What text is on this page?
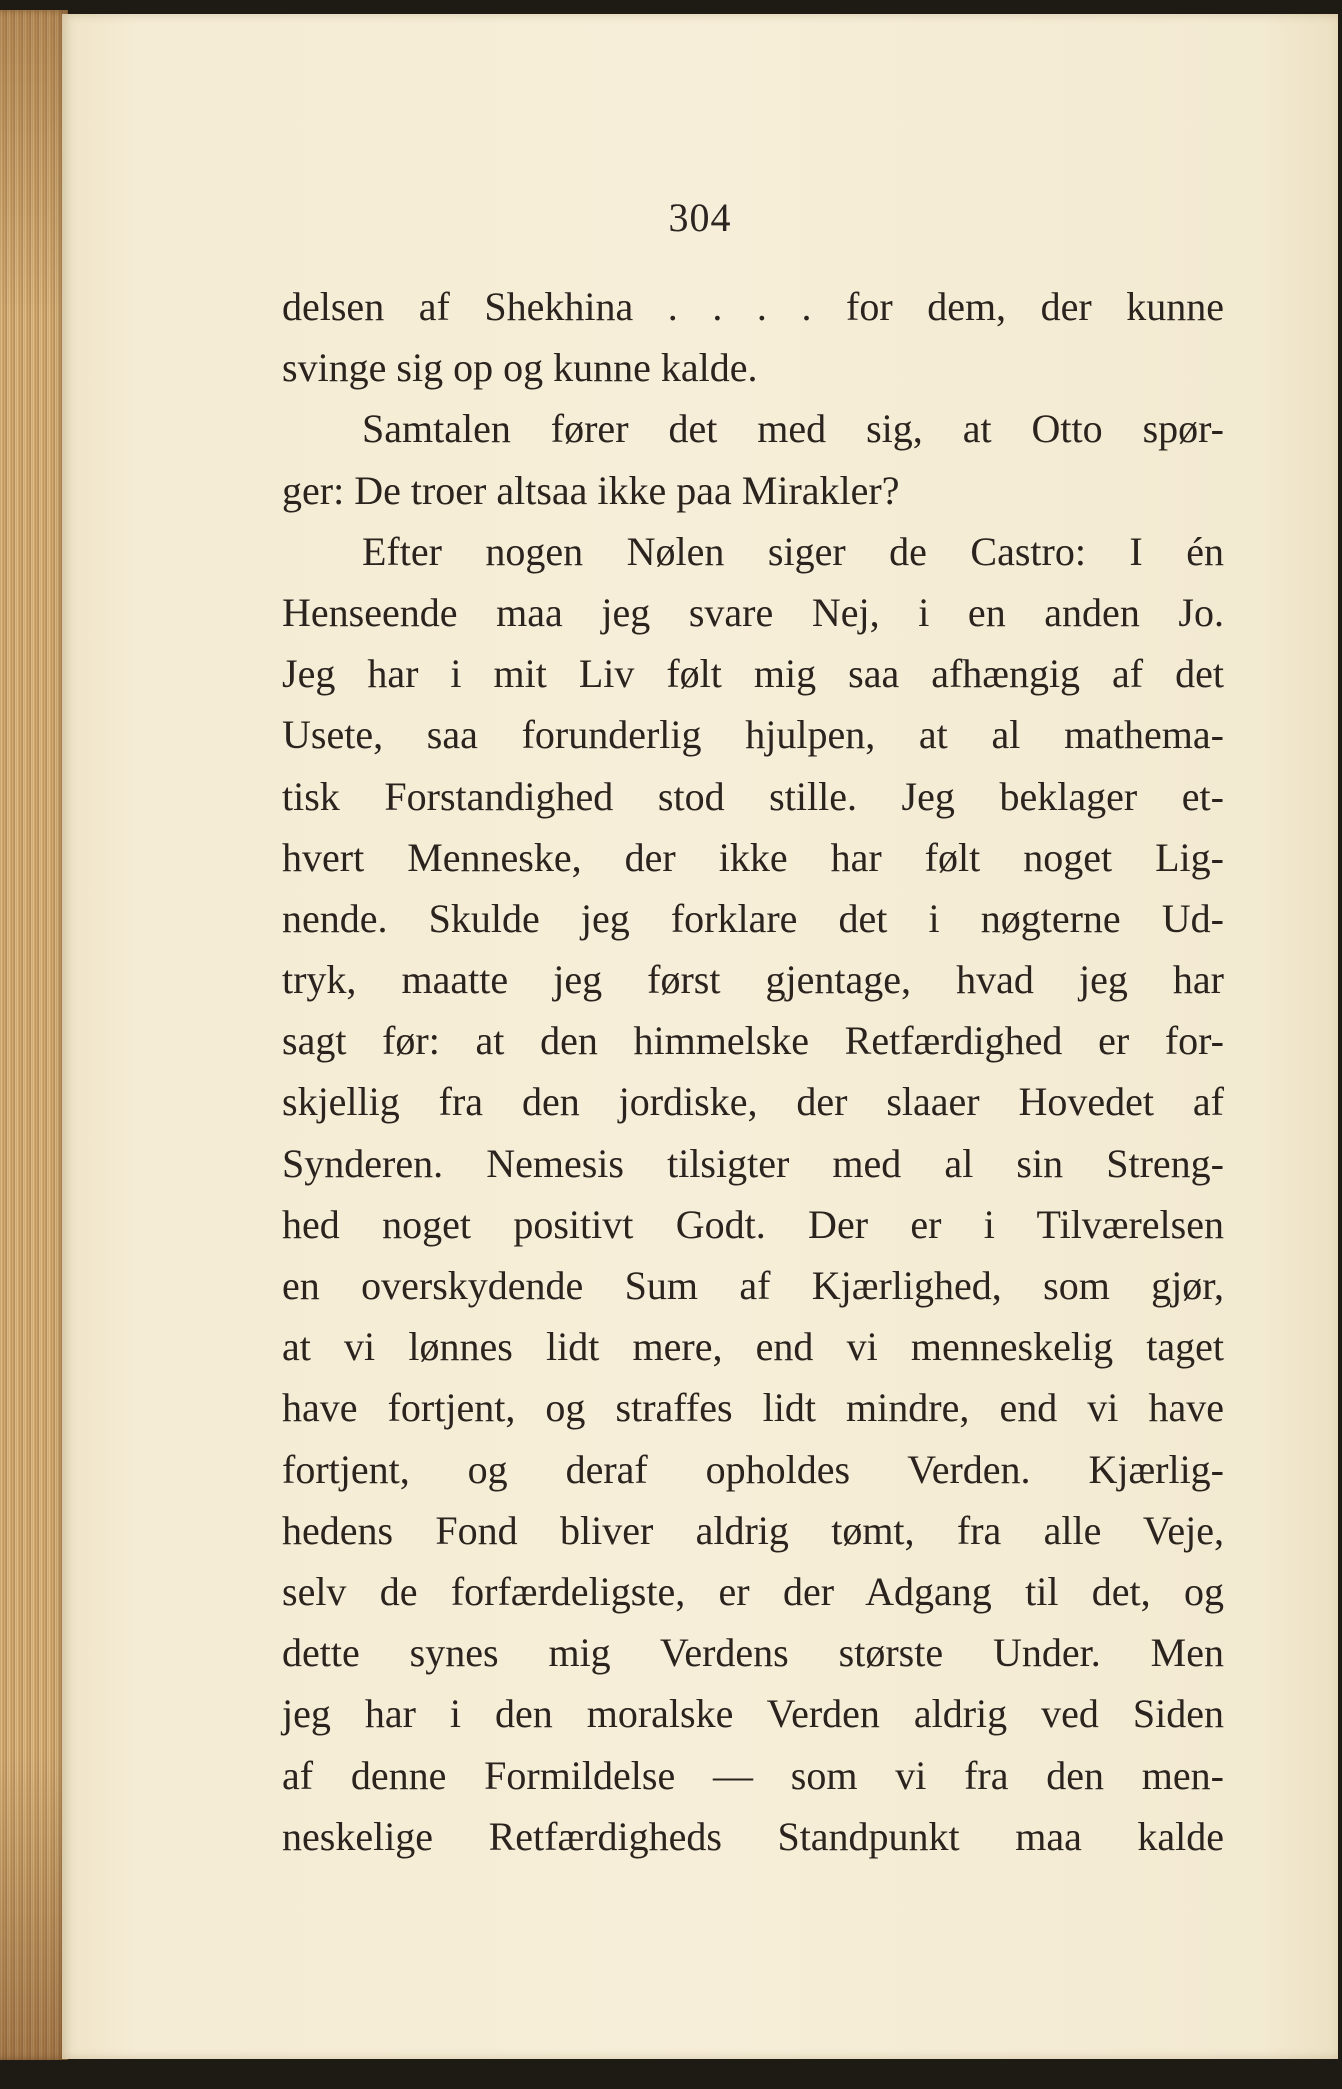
304
delsen af Shekhina . . . . for dem, der kunne
svinge sig op og kunne kalde.
Samtalen fører det med sig, at Otto spør-
ger: De troer altsaa ikke paa Mirakler?
Efter nogen Nølen siger de Castro: I én
Henseende maa jeg svare Nej, i en anden Jo.
Jeg har i mit Liv følt mig saa afhængig af det
Usete, saa forunderlig hjulpen, at al mathema-
tisk Forstandighed stod stille. Jeg beklager et-
hvert Menneske, der ikke har følt noget Lig-
nende. Skulde jeg forklare det i nøgterne Ud-
tryk, maatte jeg først gjentage, hvad jeg har
sagt før: at den himmelske Retfærdighed er for-
skjellig fra den jordiske, der slaaer Hovedet af
Synderen. Nemesis tilsigter med al sin Streng-
hed noget positivt Godt. Der er i Tilværelsen
en overskydende Sum af Kjærlighed, som gjør,
at vi lønnes lidt mere, end vi menneskelig taget
have fortjent, og straffes lidt mindre, end vi have
fortjent, og deraf opholdes Verden. Kjærlig-
hedens Fond bliver aldrig tømt, fra alle Veje,
selv de forfærdeligste, er der Adgang til det, og
dette synes mig Verdens største Under. Men
jeg har i den moralske Verden aldrig ved Siden
af denne Formildelse — som vi fra den men-
neskelige Retfærdigheds Standpunkt maa kalde
